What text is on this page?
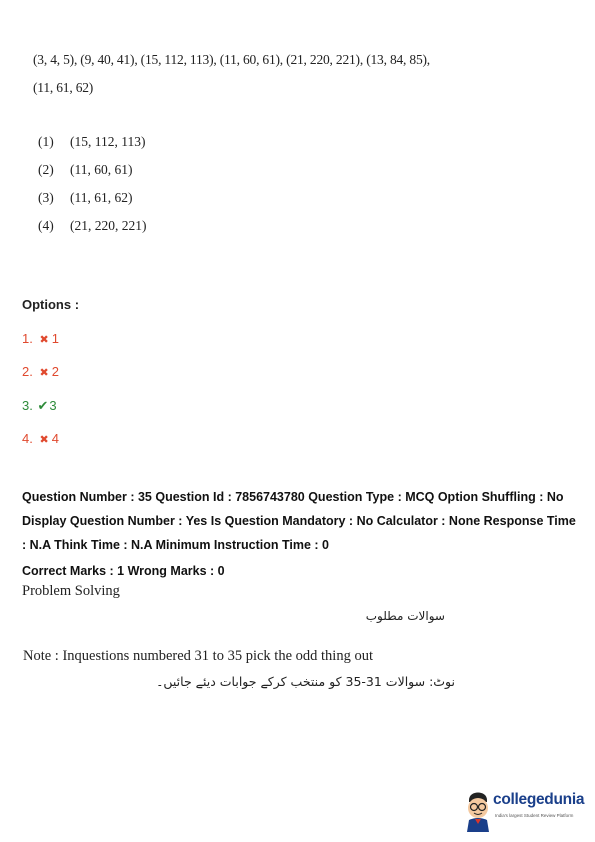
(3, 4, 5), (9, 40, 41), (15, 112, 113), (11, 60, 61), (21, 220, 221), (13, 84, 85),
(11, 61, 62)
(1) (15, 112, 113)
(2) (11, 60, 61)
(3) (11, 61, 62)
(4) (21, 220, 221)
Options :
1. ✖ 1
2. ✖ 2
3. ✔3
4. ✖ 4
Question Number : 35 Question Id : 7856743780 Question Type : MCQ Option Shuffling : No
Display Question Number : Yes Is Question Mandatory : No Calculator : None Response Time
: N.A Think Time : N.A Minimum Instruction Time : 0
Correct Marks : 1 Wrong Marks : 0
Problem Solving
سوالات مطلوب
Note : Inquestions numbered 31 to 35 pick the odd thing out
نوٹ: سوالات 31-35 کو منتخب کرکے جوابات دیئے جائیں۔
collegedunia
India's largest Student Review Platform
